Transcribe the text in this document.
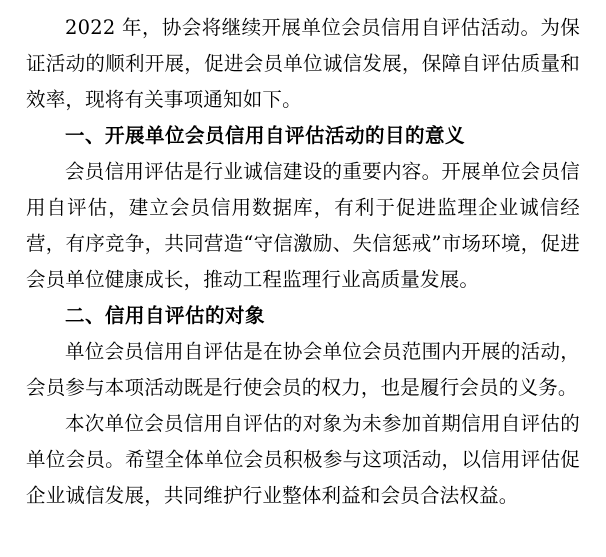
2022 年，协会将继续开展单位会员信用自评估活动。为保证活动的顺利开展，促进会员单位诚信发展，保障自评估质量和效率，现将有关事项通知如下。

一、开展单位会员信用自评估活动的目的意义

会员信用评估是行业诚信建设的重要内容。开展单位会员信用自评估，建立会员信用数据库，有利于促进监理企业诚信经营，有序竞争，共同营造“守信激励、失信惩戒”市场环境，促进会员单位健康成长，推动工程监理行业高质量发展。

二、信用自评估的对象

单位会员信用自评估是在协会单位会员范围内开展的活动，会员参与本项活动既是行使会员的权力，也是履行会员的义务。

本次单位会员信用自评估的对象为未参加首期信用自评估的单位会员。希望全体单位会员积极参与这项活动，以信用评估促企业诚信发展，共同维护行业整体利益和会员合法权益。
